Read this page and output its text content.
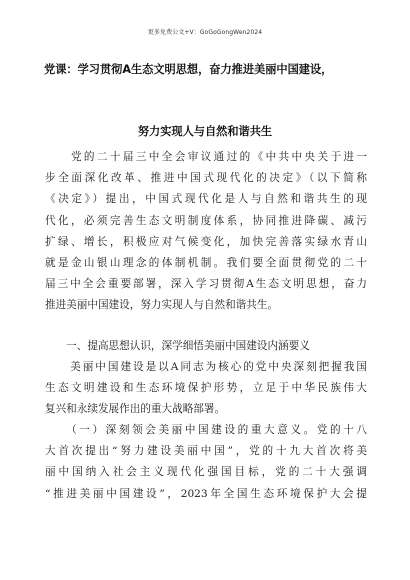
更多免费公文+V：GoGoGongWen2024
党课：学习贯彻A生态文明思想，奋力推进美丽中国建设，
努力实现人与自然和谐共生
　　党的二十届三中全会审议通过的《中共中央关于进一
步全面深化改革、推进中国式现代化的决定》（以下简称
《决定》）提出，中国式现代化是人与自然和谐共生的现
代化，必须完善生态文明制度体系，协同推进降碳、减污
扩绿、增长，积极应对气候变化，加快完善落实绿水青山
就是金山银山理念的体制机制。我们要全面贯彻党的二十
届三中全会重要部署，深入学习贯彻A生态文明思想，奋力
推进美丽中国建设，努力实现人与自然和谐共生。
　　一、提高思想认识，深学细悟美丽中国建设内涵要义
　　美丽中国建设是以A同志为核心的党中央深刻把握我国
生态文明建设和生态环境保护形势，立足于中华民族伟大
复兴和永续发展作出的重大战略部署。
　　（一）深刻领会美丽中国建设的重大意义。党的十八
大首次提出“努力建设美丽中国”，党的十九大首次将美
丽中国纳入社会主义现代化强国目标，党的二十大强调
“推进美丽中国建设”，2023年全国生态环境保护大会提
